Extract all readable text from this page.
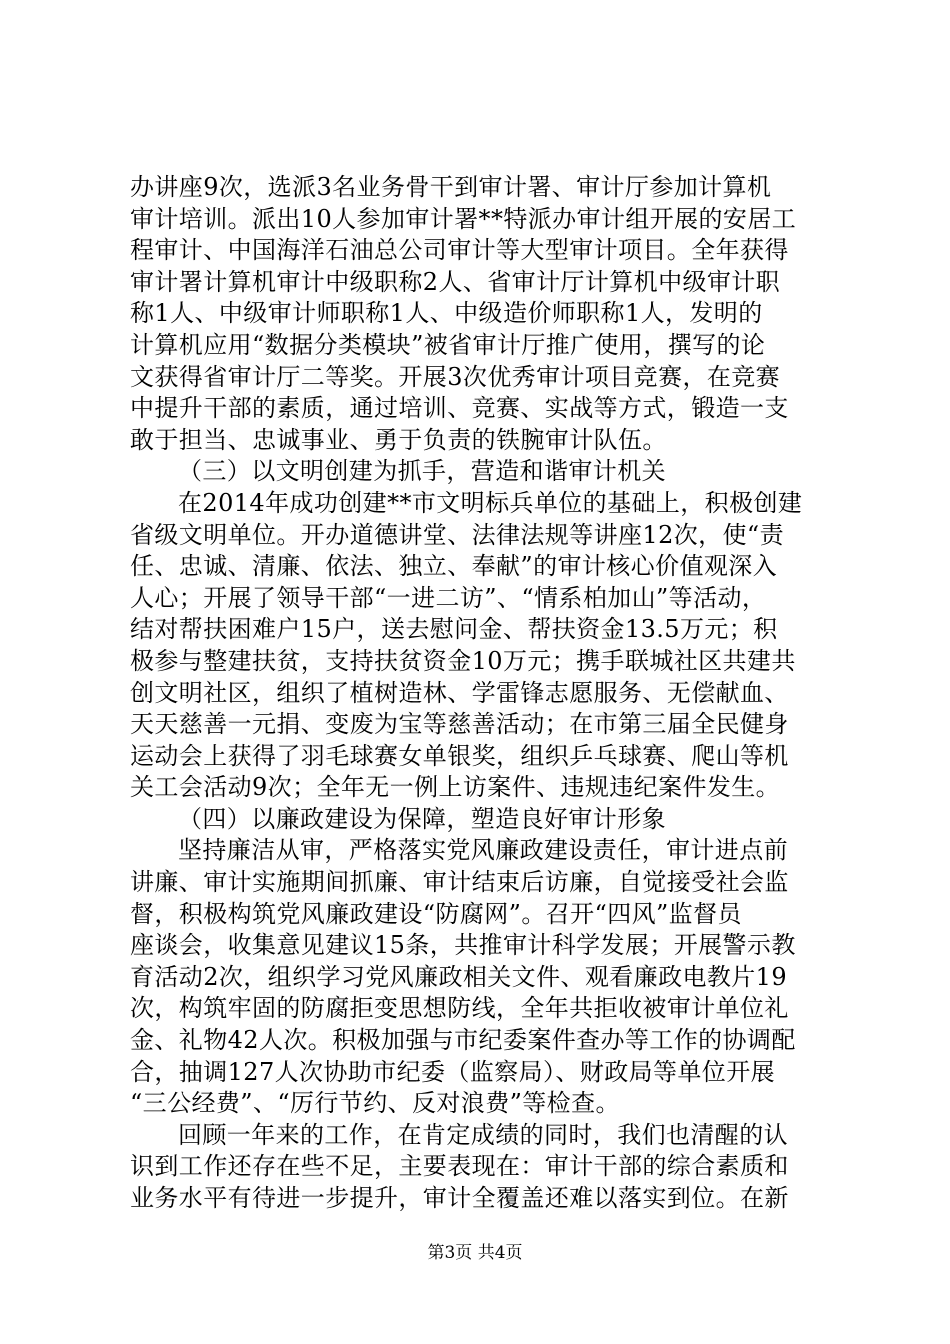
办讲座9次，选派3名业务骨干到审计署、审计厅参加计算机
审计培训。派出10人参加审计署**特派办审计组开展的安居工
程审计、中国海洋石油总公司审计等大型审计项目。全年获得
审计署计算机审计中级职称2人、省审计厅计算机中级审计职
称1人、中级审计师职称1人、中级造价师职称1人，发明的
计算机应用“数据分类模块”被省审计厅推广使用，撰写的论
文获得省审计厅二等奖。开展3次优秀审计项目竞赛，在竞赛
中提升干部的素质，通过培训、竞赛、实战等方式，锻造一支
敢于担当、忠诚事业、勇于负责的铁腕审计队伍。
（三）以文明创建为抓手，营造和谐审计机关
在2014年成功创建**市文明标兵单位的基础上，积极创建
省级文明单位。开办道德讲堂、法律法规等讲座12次，使“责
任、忠诚、清廉、依法、独立、奉献”的审计核心价值观深入
人心；开展了领导干部“一进二访”、“情系柏加山”等活动，
结对帮扶困难户15户，送去慰问金、帮扶资金13.5万元；积
极参与整建扶贫，支持扶贫资金10万元；携手联城社区共建共
创文明社区，组织了植树造林、学雷锋志愿服务、无偿献血、
天天慈善一元捐、变废为宝等慈善活动；在市第三届全民健身
运动会上获得了羽毛球赛女单银奖，组织乒乓球赛、爬山等机
关工会活动9次；全年无一例上访案件、违规违纪案件发生。
（四）以廉政建设为保障，塑造良好审计形象
坚持廉洁从审，严格落实党风廉政建设责任，审计进点前
讲廉、审计实施期间抓廉、审计结束后访廉，自觉接受社会监
督，积极构筑党风廉政建设“防腐网”。召开“四风”监督员
座谈会，收集意见建议15条，共推审计科学发展；开展警示教
育活动2次，组织学习党风廉政相关文件、观看廉政电教片19
次，构筑牢固的防腐拒变思想防线，全年共拒收被审计单位礼
金、礼物42人次。积极加强与市纪委案件查办等工作的协调配
合，抽调127人次协助市纪委（监察局）、财政局等单位开展
“三公经费”、“厉行节约、反对浪费”等检查。
回顾一年来的工作，在肯定成绩的同时，我们也清醒的认
识到工作还存在些不足，主要表现在：审计干部的综合素质和
业务水平有待进一步提升，审计全覆盖还难以落实到位。在新
第3页 共4页
